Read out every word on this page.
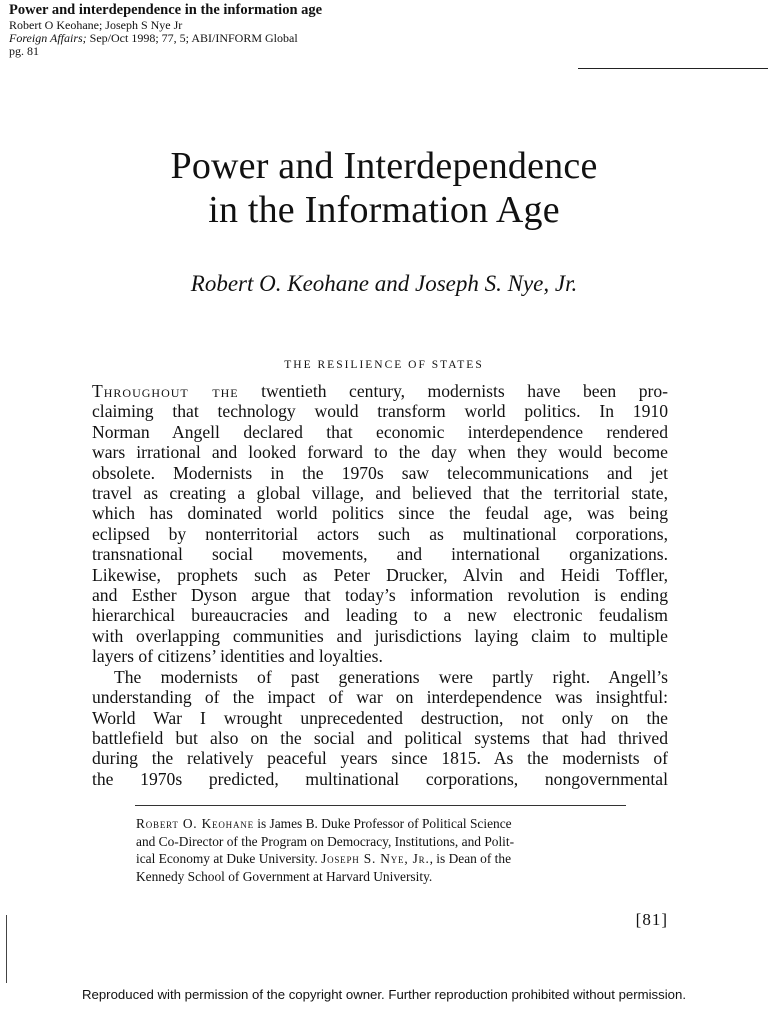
Power and interdependence in the information age
Robert O Keohane; Joseph S Nye Jr
Foreign Affairs; Sep/Oct 1998; 77, 5; ABI/INFORM Global
pg. 81
Power and Interdependence
in the Information Age
Robert O. Keohane and Joseph S. Nye, Jr.
THE RESILIENCE OF STATES
Throughout the twentieth century, modernists have been pro-
claiming that technology would transform world politics. In 1910
Norman Angell declared that economic interdependence rendered
wars irrational and looked forward to the day when they would become
obsolete. Modernists in the 1970s saw telecommunications and jet
travel as creating a global village, and believed that the territorial state,
which has dominated world politics since the feudal age, was being
eclipsed by nonterritorial actors such as multinational corporations,
transnational social movements, and international organizations.
Likewise, prophets such as Peter Drucker, Alvin and Heidi Toffler,
and Esther Dyson argue that today’s information revolution is ending
hierarchical bureaucracies and leading to a new electronic feudalism
with overlapping communities and jurisdictions laying claim to multiple
layers of citizens’ identities and loyalties.
The modernists of past generations were partly right. Angell’s
understanding of the impact of war on interdependence was insightful:
World War I wrought unprecedented destruction, not only on the
battlefield but also on the social and political systems that had thrived
during the relatively peaceful years since 1815. As the modernists of
the 1970s predicted, multinational corporations, nongovernmental
Robert O. Keohane is James B. Duke Professor of Political Science
and Co-Director of the Program on Democracy, Institutions, and Polit-
ical Economy at Duke University. Joseph S. Nye, Jr., is Dean of the
Kennedy School of Government at Harvard University.
[81]
Reproduced with permission of the copyright owner. Further reproduction prohibited without permission.
